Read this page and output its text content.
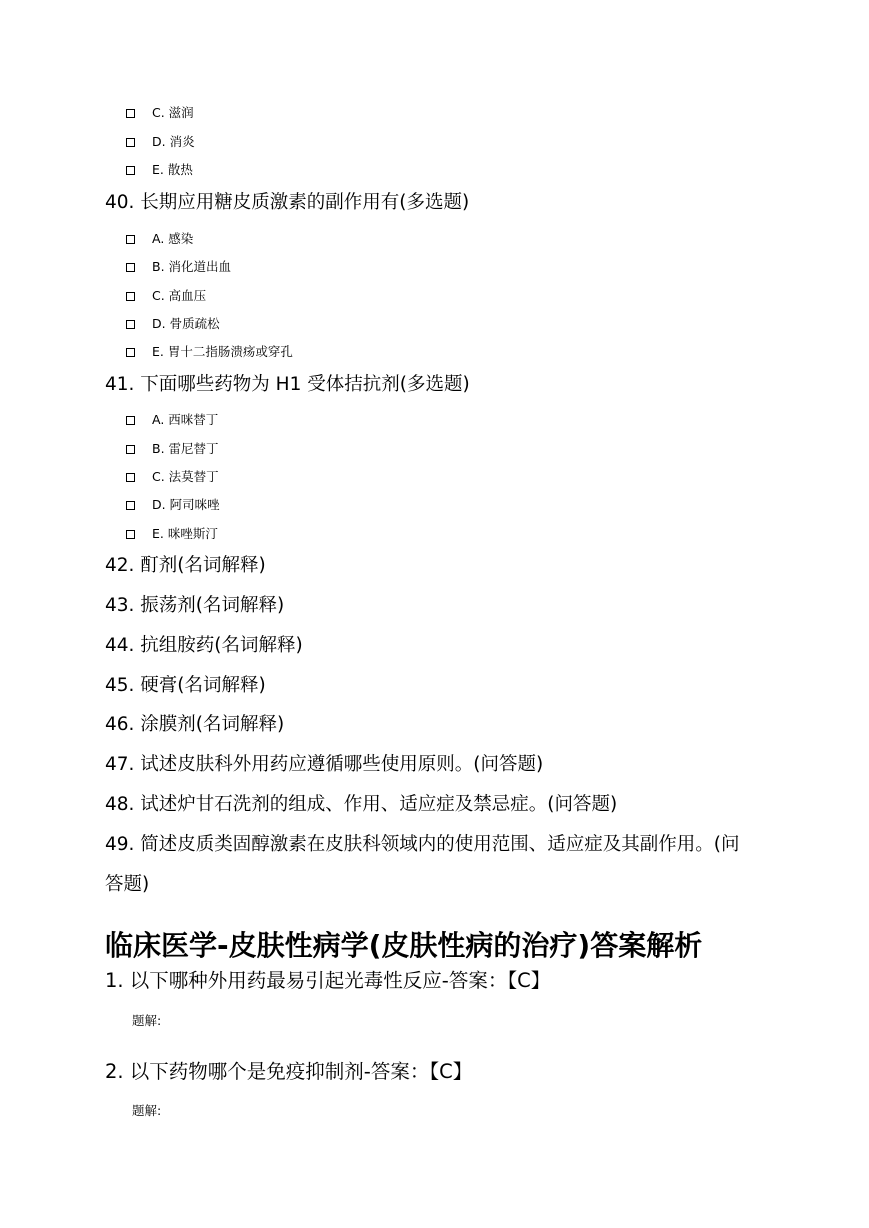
C. 滋润
D. 消炎
E. 散热
40. 长期应用糖皮质激素的副作用有(多选题)
A. 感染
B. 消化道出血
C. 高血压
D. 骨质疏松
E. 胃十二指肠溃疡或穿孔
41. 下面哪些药物为 H1 受体拮抗剂(多选题)
A. 西咪替丁
B. 雷尼替丁
C. 法莫替丁
D. 阿司咪唑
E. 咪唑斯汀
42. 酊剂(名词解释)
43. 振荡剂(名词解释)
44. 抗组胺药(名词解释)
45. 硬膏(名词解释)
46. 涂膜剂(名词解释)
47. 试述皮肤科外用药应遵循哪些使用原则。(问答题)
48. 试述炉甘石洗剂的组成、作用、适应症及禁忌症。(问答题)
49. 简述皮质类固醇激素在皮肤科领域内的使用范围、适应症及其副作用。(问答题)
临床医学-皮肤性病学(皮肤性病的治疗)答案解析
1. 以下哪种外用药最易引起光毒性反应-答案：【C】
题解:
2. 以下药物哪个是免疫抑制剂-答案：【C】
题解:
